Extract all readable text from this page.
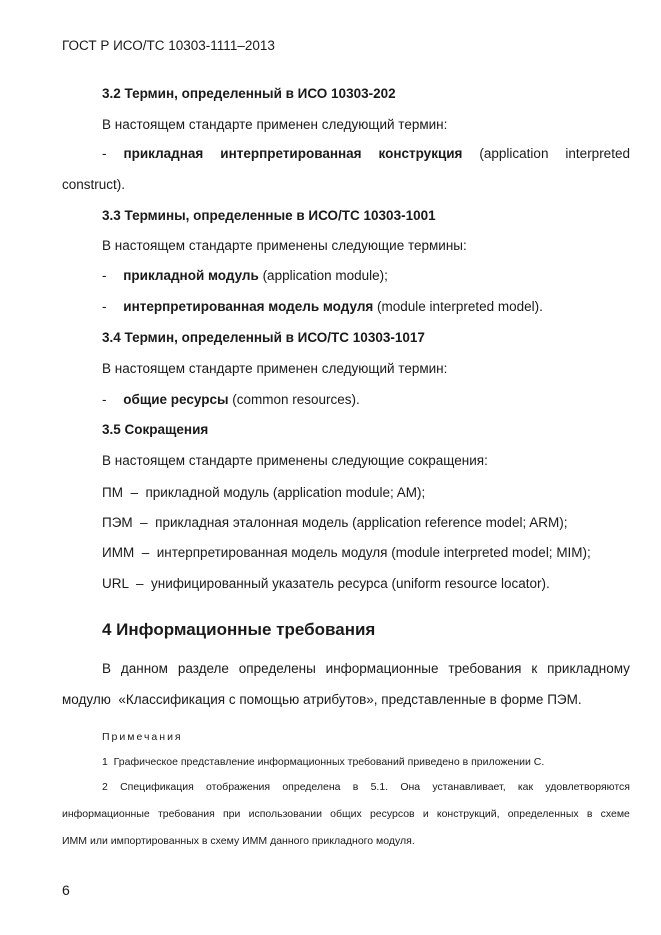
ГОСТ Р ИСО/ТС 10303-1111–2013
3.2 Термин, определенный в ИСО 10303-202
В настоящем стандарте применен следующий термин:
- прикладная интерпретированная конструкция (application interpreted
construct).
3.3 Термины, определенные в ИСО/ТС 10303-1001
В настоящем стандарте применены следующие термины:
- прикладной модуль (application module);
- интерпретированная модель модуля (module interpreted model).
3.4 Термин, определенный в ИСО/ТС 10303-1017
В настоящем стандарте применен следующий термин:
- общие ресурсы (common resources).
3.5 Сокращения
В настоящем стандарте применены следующие сокращения:
ПМ  –  прикладной модуль (application module; AM);
ПЭМ  –  прикладная эталонная модель (application reference model; ARM);
ИММ  –  интерпретированная модель модуля (module interpreted model; MIM);
URL  –  унифицированный указатель ресурса (uniform resource locator).
4 Информационные требования
В данном разделе определены информационные требования к прикладному
модулю  «Классификация с помощью атрибутов», представленные в форме ПЭМ.
Примечания
1  Графическое представление информационных требований приведено в приложении С.
2 Спецификация отображения определена в 5.1. Она устанавливает, как удовлетворяются
информационные требования при использовании общих ресурсов и конструкций, определенных в схеме
ИММ или импортированных в схему ИММ данного прикладного модуля.
6
